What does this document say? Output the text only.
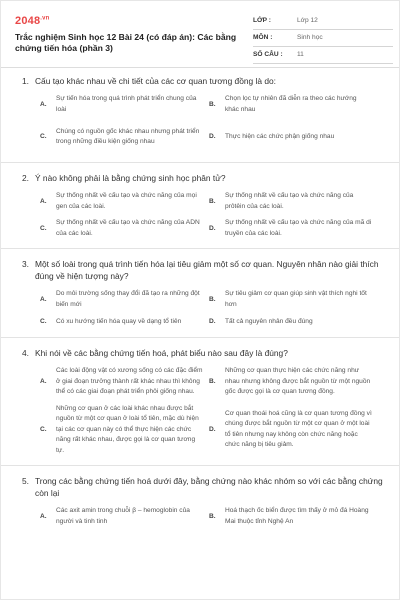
$2048^{.vn}$
Trắc nghiệm Sinh học 12 Bài 24 (có đáp án): Các bằng chứng tiến hóa (phần 3)
LỚP :	Lớp 12
MÔN :	Sinh học
SỐ CÂU : 11
1. Cấu tạo khác nhau về chi tiết của các cơ quan tương đồng là do:
A.
Sự tiến hóa trong quá trình phát triển chung của loài
B.
Chọn lọc tự nhiên đã diễn ra theo các hướng khác nhau
C.
Chúng có nguồn gốc khác nhau nhưng phát triển trong những điều kiện giống nhau
D. Thực hiện các chức phận giống nhau
2. Ý nào không phải là bằng chứng sinh học phân tử?
A.
Sự thống nhất về cấu tạo và chức năng của mọi gen của các loài.
B.
Sự thống nhất về cấu tạo và chức năng của prôtêin của các loài.
C.
Sự thống nhất về cấu tạo và chức năng của ADN của các loài.
D.
Sự thống nhất về cấu tạo và chức năng của mã di truyền của các loài.
3. Một số loài trong quá trình tiến hóa lại tiêu giảm một số cơ quan. Nguyên nhân nào giải thích đúng về hiện tượng này?
A.
Do môi trường sống thay đổi đã tạo ra những đột biến mới
B.
Sự tiêu giảm cơ quan giúp sinh vật thích nghi tốt hơn
C. Có xu hướng tiến hóa quay về dạng tổ tiên	D. Tất cả nguyên nhân đều đúng
4. Khi nói về các bằng chứng tiến hoá, phát biểu nào sau đây là đúng?
A.
Các loài động vật có xương sống có các đặc điểm ở giai đoạn trưởng thành rất khác nhau thì không thể có các giai đoạn phát triển phôi giống nhau.
B.
Những cơ quan thực hiện các chức năng như nhau nhưng không được bắt nguồn từ một nguồn gốc được gọi là cơ quan tương đồng.
C.
Những cơ quan ở các loài khác nhau được bắt nguồn từ một cơ quan ở loài tổ tiên, mặc dù hiện tại các cơ quan này có thể thực hiện các chức năng rất khác nhau, được gọi là cơ quan tương tự.
D.
Cơ quan thoái hoá cũng là cơ quan tương đồng vì chúng được bắt nguồn từ một cơ quan ở một loài tổ tiên nhưng nay không còn chức năng hoặc chức năng bị tiêu giảm.
5. Trong các bằng chứng tiến hoá dưới đây, bằng chứng nào khác nhóm so với các bằng chứng còn lại
A.
Các axit amin trong chuỗi β – hemoglobin của người và tinh tinh
B.
Hoá thạch ốc biển được tìm thấy ở mỏ đá Hoàng Mai thuộc tỉnh Nghệ An
